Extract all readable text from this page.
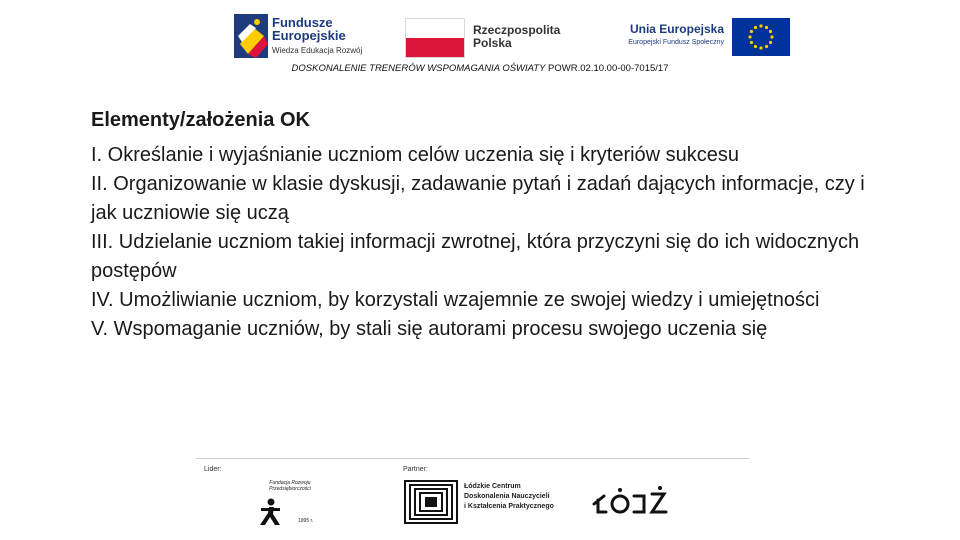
Fundusze
Europejskie
Wiedza Edukacja Rozwój
Rzeczpospolita
Polska
Unia Europejska
Europejski Fundusz Społeczny
DOSKONALENIE TRENERÓW WSPOMAGANIA OŚWIATY POWR.02.10.00-00-7015/17
Elementy/założenia OK
I. Określanie i wyjaśnianie uczniom celów uczenia się i kryteriów sukcesu
II. Organizowanie w klasie dyskusji, zadawanie pytań i zadań dających informacje, czy i jak uczniowie się uczą
III. Udzielanie uczniom takiej informacji zwrotnej, która przyczyni się do ich widocznych postępów
IV. Umożliwianie uczniom, by korzystali wzajemnie ze swojej wiedzy i umiejętności
V. Wspomaganie uczniów, by stali się autorami procesu swojego uczenia się
Lider:	Partner:
Fundacja Rozwoju Przedsiębiorczości
1995 r.
Łódzkie Centrum
Doskonalenia Nauczycieli
i Kształcenia Praktycznego
